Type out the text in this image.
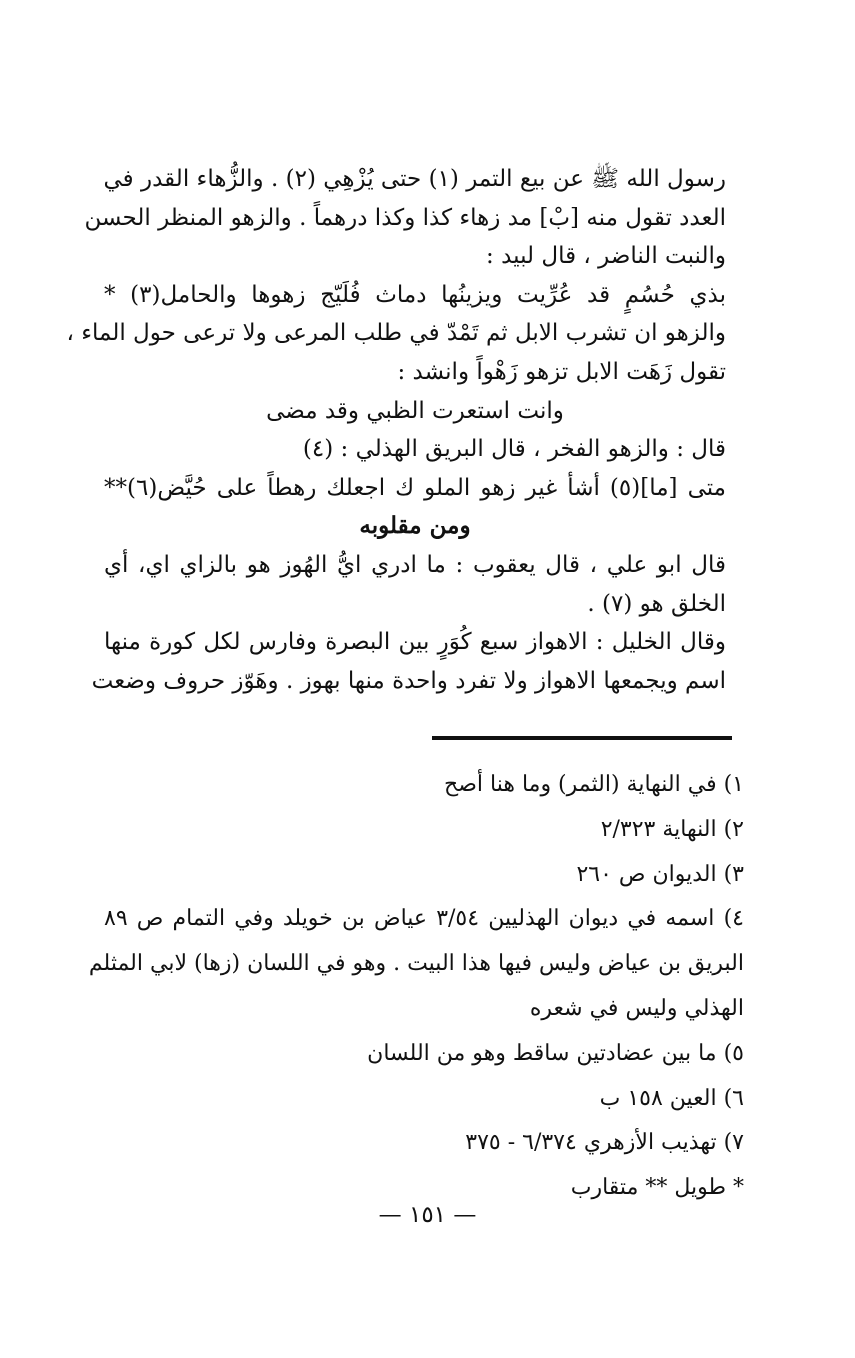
رسول الله ﷺ عن بيع التمر (١) حتى يُزْهِي (٢) . والزُّهاء القدر في
العدد تقول منه [بْ] مد زهاء كذا وكذا درهماً . والزهو المنظر الحسن
والنبت الناضر ، قال لبيد :
بذي حُسُمٍ قد عُرِّيت ويزينُها دماث فُلَيّج زهوها والحامل(٣) *
والزهو ان تشرب الابل ثم تَمْدّ في طلب المرعى ولا ترعى حول الماء ،
تقول زَهَت الابل تزهو زَهْواً وانشد :
وانت استعرت الظبي وقد مضى
قال : والزهو الفخر ، قال البريق الهذلي : (٤)
متى [ما](٥) أشأ غير زهو الملو ك اجعلك رهطاً على حُيَّض(٦)**
ومن مقلوبه
قال ابو علي ، قال يعقوب : ما ادري ايُّ الهُوز هو بالزاي اي، أي
الخلق هو (٧) .
وقال الخليل : الاهواز سبع كُوَرٍ بين البصرة وفارس لكل كورة منها
اسم ويجمعها الاهواز ولا تفرد واحدة منها بهوز . وهَوّز حروف وضعت
١) في النهاية (الثمر) وما هنا أصح
٢) النهاية ٢/٣٢٣
٣) الديوان ص ٢٦٠
٤) اسمه في ديوان الهذليين ٣/٥٤ عياض بن خويلد وفي التمام ص ٨٩
البريق بن عياض وليس فيها هذا البيت . وهو في اللسان (زها) لابي المثلم
الهذلي وليس في شعره
٥) ما بين عضادتين ساقط وهو من اللسان
٦) العين ١٥٨ ب
٧) تهذيب الأزهري ٦/٣٧٤ - ٣٧٥
* طويل ** متقارب
— ١٥١ —
